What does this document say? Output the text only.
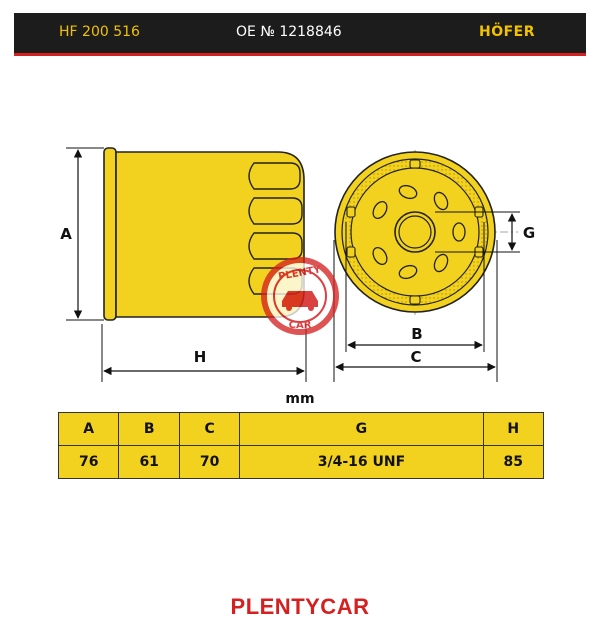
HF 200 516	OE № 1218846	HÖFER
A
H
G
B
C
PLENTY
CAR
mm
A	B	C	G	H
76	61	70	3/4-16 UNF	85
PLENTYCAR
